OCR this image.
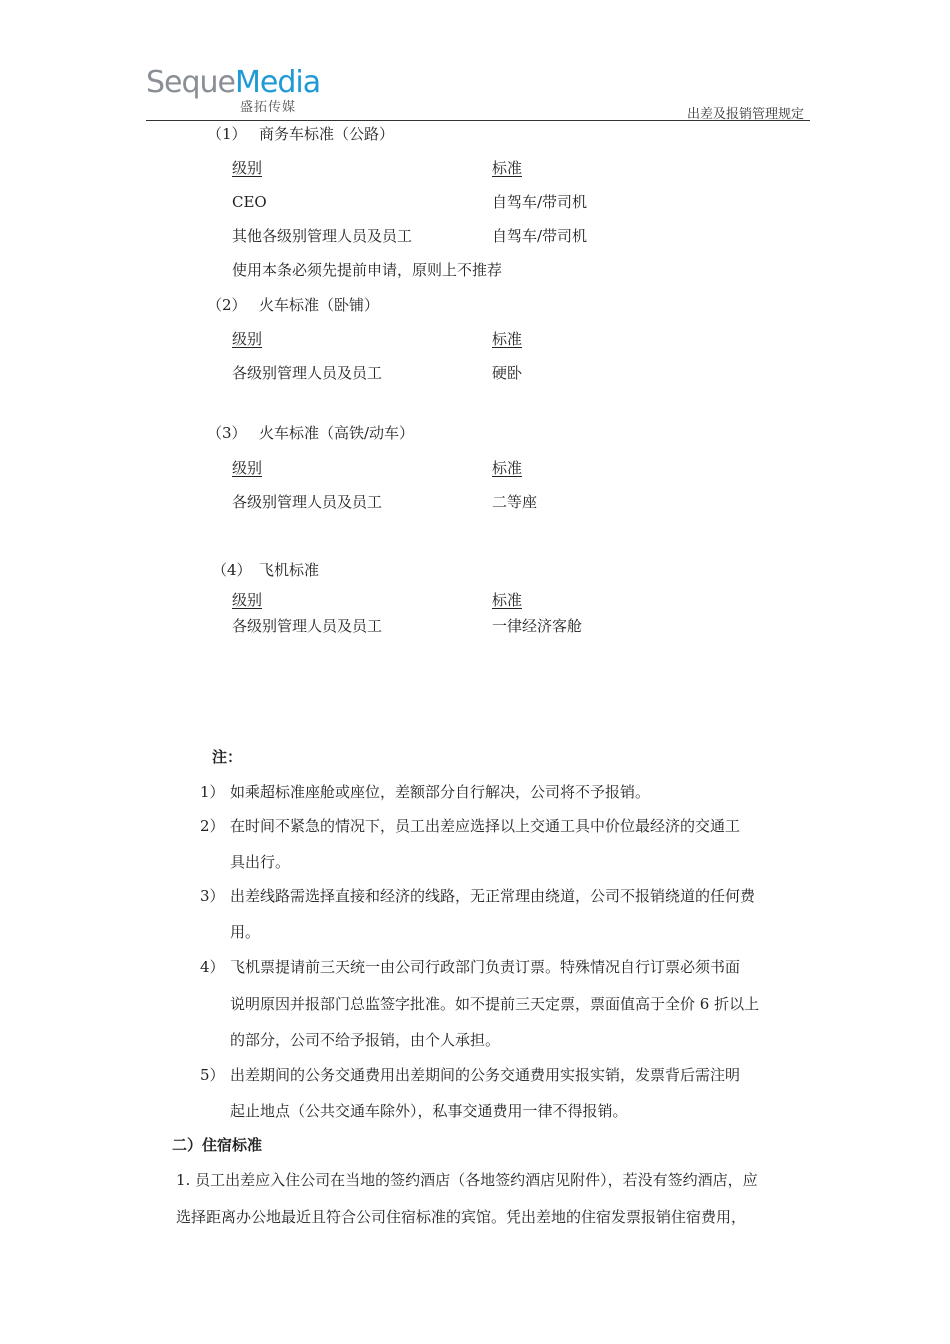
SequeMedia
盛拓传媒	出差及报销管理规定
（1） 商务车标准（公路）
级别	标准
CEO	自驾车/带司机
其他各级别管理人员及员工	自驾车/带司机
使用本条必须先提前申请，原则上不推荐
（2） 火车标准（卧铺）
级别	标准
各级别管理人员及员工	硬卧
（3） 火车标准（高铁/动车）
级别	标准
各级别管理人员及员工	二等座
（4） 飞机标准
级别	标准
各级别管理人员及员工	一律经济客舱
注：
1） 如乘超标准座舱或座位，差额部分自行解决，公司将不予报销。
2） 在时间不紧急的情况下，员工出差应选择以上交通工具中价位最经济的交通工
具出行。
3） 出差线路需选择直接和经济的线路，无正常理由绕道，公司不报销绕道的任何费
用。
4） 飞机票提请前三天统一由公司行政部门负责订票。特殊情况自行订票必须书面
说明原因并报部门总监签字批准。如不提前三天定票，票面值高于全价 6 折以上
的部分，公司不给予报销，由个人承担。
5） 出差期间的公务交通费用出差期间的公务交通费用实报实销，发票背后需注明
起止地点（公共交通车除外），私事交通费用一律不得报销。
二）住宿标准
1. 员工出差应入住公司在当地的签约酒店（各地签约酒店见附件），若没有签约酒店，应
选择距离办公地最近且符合公司住宿标准的宾馆。凭出差地的住宿发票报销住宿费用，
